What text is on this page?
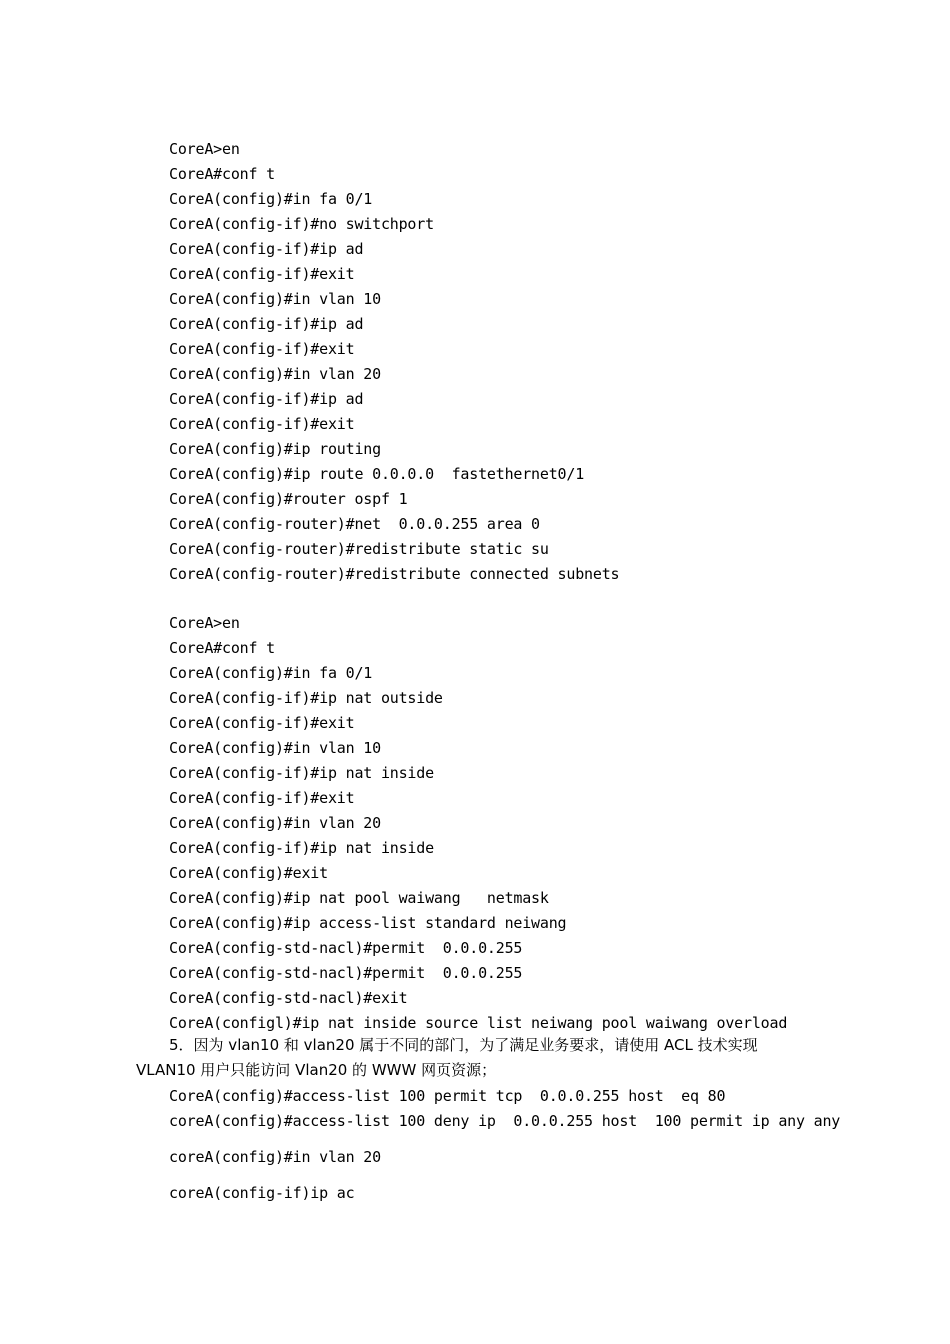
CoreA>en
CoreA#conf t
CoreA(config)#in fa 0/1
CoreA(config-if)#no switchport
CoreA(config-if)#ip ad
CoreA(config-if)#exit
CoreA(config)#in vlan 10
CoreA(config-if)#ip ad
CoreA(config-if)#exit
CoreA(config)#in vlan 20
CoreA(config-if)#ip ad
CoreA(config-if)#exit
CoreA(config)#ip routing
CoreA(config)#ip route 0.0.0.0  fastethernet0/1
CoreA(config)#router ospf 1
CoreA(config-router)#net  0.0.0.255 area 0
CoreA(config-router)#redistribute static su
CoreA(config-router)#redistribute connected subnets
CoreA>en
CoreA#conf t
CoreA(config)#in fa 0/1
CoreA(config-if)#ip nat outside
CoreA(config-if)#exit
CoreA(config)#in vlan 10
CoreA(config-if)#ip nat inside
CoreA(config-if)#exit
CoreA(config)#in vlan 20
CoreA(config-if)#ip nat inside
CoreA(config)#exit
CoreA(config)#ip nat pool waiwang   netmask
CoreA(config)#ip access-list standard neiwang
CoreA(config-std-nacl)#permit  0.0.0.255
CoreA(config-std-nacl)#permit  0.0.0.255
CoreA(config-std-nacl)#exit
CoreA(configl)#ip nat inside source list neiwang pool waiwang overload
5．因为 vlan10 和 vlan20 属于不同的部门，为了满足业务要求，请使用 ACL 技术实现
VLAN10 用户只能访问 Vlan20 的 WWW 网页资源；
CoreA(config)#access-list 100 permit tcp  0.0.0.255 host  eq 80
coreA(config)#access-list 100 deny ip  0.0.0.255 host  100 permit ip any any
coreA(config)#in vlan 20
coreA(config-if)ip ac
